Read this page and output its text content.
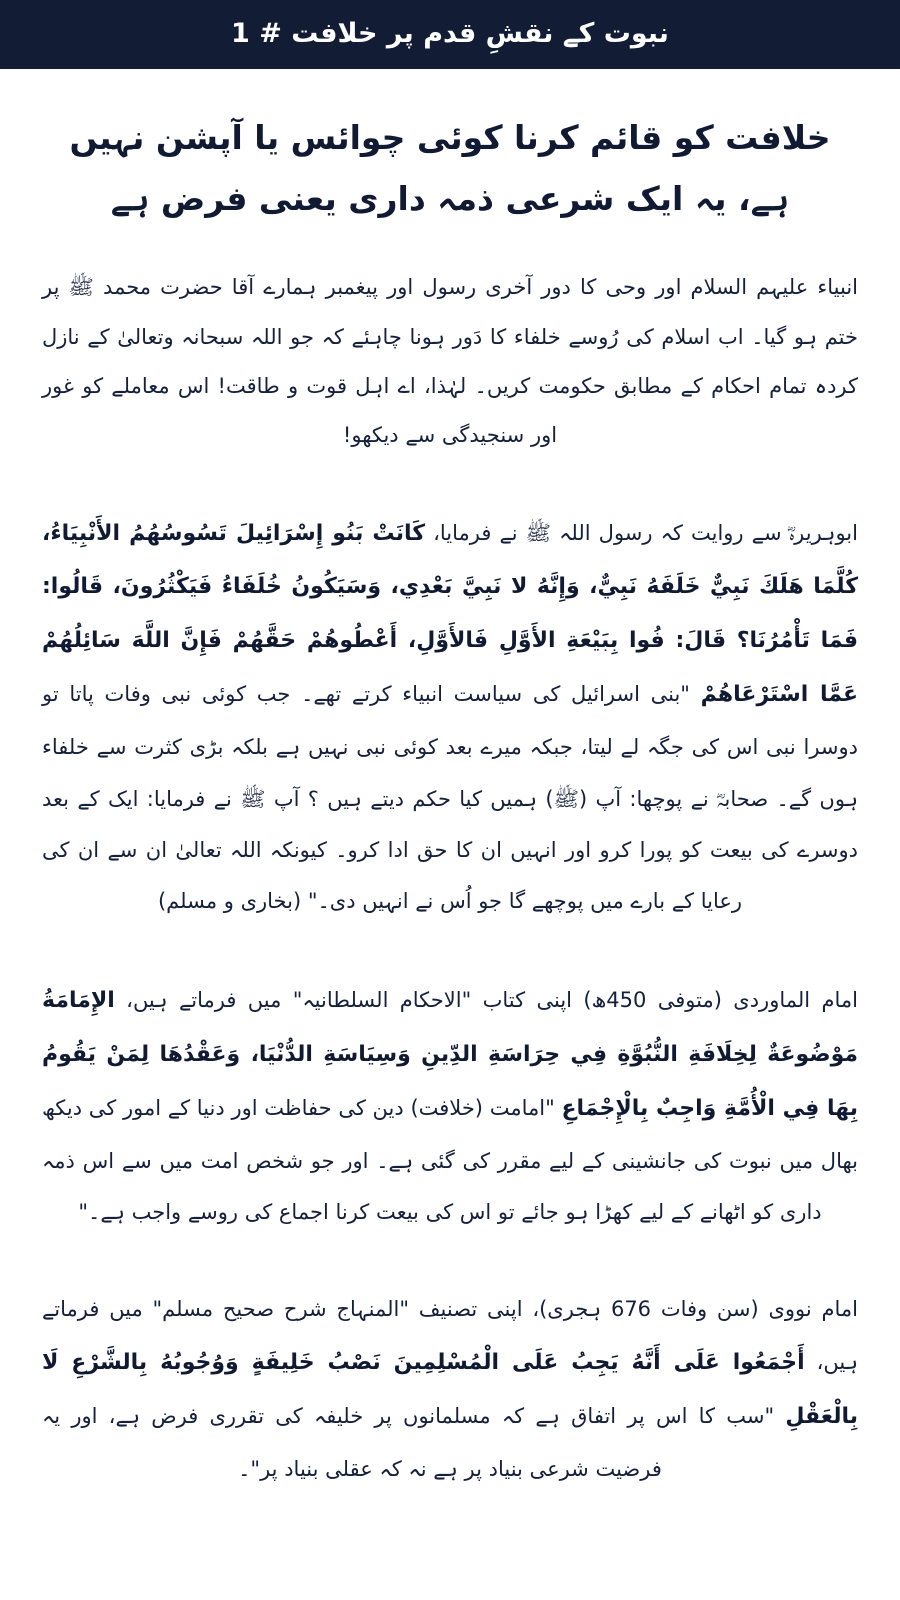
نبوت کے نقشِ قدم پر خلافت # 1
خلافت کو قائم کرنا کوئی چوائس یا آپشن نہیں ہے، یہ ایک شرعی ذمہ داری یعنی فرض ہے

انبیاء علیہم السلام اور وحی کا دور آخری رسول اور پیغمبر ہمارے آقا حضرت محمد ﷺ پر ختم ہو گیا۔ اب اسلام کی رُوسے خلفاء کا دَور ہونا چاہئے کہ جو اللہ سبحانہ وتعالیٰ کے نازل کردہ تمام احکام کے مطابق حکومت کریں۔ لہٰذا، اے اہل قوت و طاقت! اس معاملے کو غور اور سنجیدگی سے دیکھو!

ابوہریرہؓ سے روایت کہ رسول اللہ ﷺ نے فرمایا، كَانَتْ بَنُو إِسْرَائِيلَ تَسُوسُهُمُ الأَنْبِيَاءُ، كُلَّمَا هَلَكَ نَبِيٌّ خَلَفَهُ نَبِيٌّ، وَإِنَّهُ لا نَبِيَّ بَعْدِي، وَسَيَكُونُ خُلَفَاءُ فَيَكْثُرُونَ، قَالُوا: فَمَا تَأْمُرُنَا؟ قَالَ: فُوا بِبَيْعَةِ الأَوَّلِ فَالأَوَّلِ، أَعْطُوهُمْ حَقَّهُمْ فَإِنَّ اللَّهَ سَائِلُهُمْ عَمَّا اسْتَرْعَاهُمْ "بنی اسرائیل کی سیاست انبیاء کرتے تھے۔ جب کوئی نبی وفات پاتا تو دوسرا نبی اس کی جگہ لے لیتا، جبکہ میرے بعد کوئی نبی نہیں ہے بلکہ بڑی کثرت سے خلفاء ہوں گے۔ صحابہؓ نے پوچھا: آپ (ﷺ) ہمیں کیا حکم دیتے ہیں ؟ آپ ﷺ نے فرمایا: ایک کے بعد دوسرے کی بیعت کو پورا کرو اور انہیں ان کا حق ادا کرو۔ کیونکہ اللہ تعالیٰ ان سے ان کی رعایا کے بارے میں پوچھے گا جو اُس نے انہیں دی۔" (بخاری و مسلم)

امام الماوردی (متوفی 450ھ) اپنی کتاب "الاحکام السلطانیہ" میں فرماتے ہیں، الإِمَامَةُ مَوْضُوعَةٌ لِخِلَافَةِ النُّبُوَّةِ فِي حِرَاسَةِ الدِّينِ وَسِيَاسَةِ الدُّنْيَا، وَعَقْدُهَا لِمَنْ يَقُومُ بِهَا فِي الْأُمَّةِ وَاجِبٌ بِالْإِجْمَاعِ "امامت (خلافت) دین کی حفاظت اور دنیا کے امور کی دیکھ بھال میں نبوت کی جانشینی کے لیے مقرر کی گئی ہے۔ اور جو شخص امت میں سے اس ذمہ داری کو اٹھانے کے لیے کھڑا ہو جائے تو اس کی بیعت کرنا اجماع کی روسے واجب ہے۔"

امام نووی (سن وفات 676 ہجری)، اپنی تصنیف "المنہاج شرح صحیح مسلم" میں فرماتے ہیں، أَجْمَعُوا عَلَى أَنَّهُ يَجِبُ عَلَى الْمُسْلِمِينَ نَصْبُ خَلِيفَةٍ وَوُجُوبُهُ بِالشَّرْعِ لَا بِالْعَقْلِ "سب کا اس پر اتفاق ہے کہ مسلمانوں پر خلیفہ کی تقرری فرض ہے، اور یہ فرضیت شرعی بنیاد پر ہے نہ کہ عقلی بنیاد پر"۔
